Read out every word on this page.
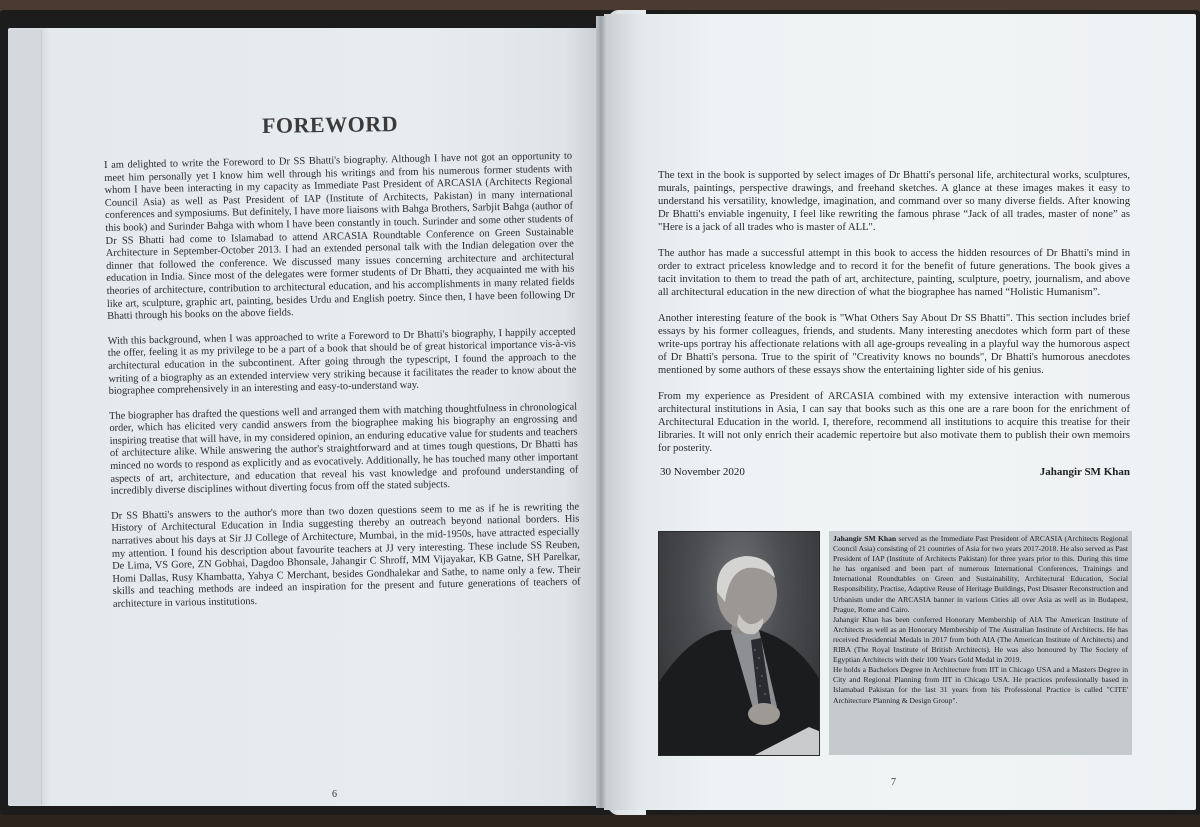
FOREWORD

I am delighted to write the Foreword to Dr SS Bhatti's biography. Although I have not got an opportunity to meet him personally yet I know him well through his writings and from his numerous former students with whom I have been interacting in my capacity as Immediate Past President of ARCASIA (Architects Regional Council Asia) as well as Past President of IAP (Institute of Architects, Pakistan) in many international conferences and symposiums. But definitely, I have more liaisons with Bahga Brothers, Sarbjit Bahga (author of this book) and Surinder Bahga with whom I have been constantly in touch. Surinder and some other students of Dr SS Bhatti had come to Islamabad to attend ARCASIA Roundtable Conference on Green Sustainable Architecture in September-October 2013. I had an extended personal talk with the Indian delegation over the dinner that followed the conference. We discussed many issues concerning architecture and architectural education in India. Since most of the delegates were former students of Dr Bhatti, they acquainted me with his theories of architecture, contribution to architectural education, and his accomplishments in many related fields like art, sculpture, graphic art, painting, besides Urdu and English poetry. Since then, I have been following Dr Bhatti through his books on the above fields.

With this background, when I was approached to write a Foreword to Dr Bhatti's biography, I happily accepted the offer, feeling it as my privilege to be a part of a book that should be of great historical importance vis-à-vis architectural education in the subcontinent. After going through the typescript, I found the approach to the writing of a biography as an extended interview very striking because it facilitates the reader to know about the biographee comprehensively in an interesting and easy-to-understand way.

The biographer has drafted the questions well and arranged them with matching thoughtfulness in chronological order, which has elicited very candid answers from the biographee making his biography an engrossing and inspiring treatise that will have, in my considered opinion, an enduring educative value for students and teachers of architecture alike. While answering the author's straightforward and at times tough questions, Dr Bhatti has minced no words to respond as explicitly and as evocatively. Additionally, he has touched many other important aspects of art, architecture, and education that reveal his vast knowledge and profound understanding of incredibly diverse disciplines without diverting focus from off the stated subjects.

Dr SS Bhatti's answers to the author's more than two dozen questions seem to me as if he is rewriting the History of Architectural Education in India suggesting thereby an outreach beyond national borders. His narratives about his days at Sir JJ College of Architecture, Mumbai, in the mid-1950s, have attracted especially my attention. I found his description about favourite teachers at JJ very interesting. These include SS Reuben, De Lima, VS Gore, ZN Gobhai, Dagdoo Bhonsale, Jahangir C Shroff, MM Vijayakar, KB Gatne, SH Parelkar, Homi Dallas, Rusy Khambatta, Yahya C Merchant, besides Gondhalekar and Sathe, to name only a few. Their skills and teaching methods are indeed an inspiration for the present and future generations of teachers of architecture in various institutions.

6

The text in the book is supported by select images of Dr Bhatti's personal life, architectural works, sculptures, murals, paintings, perspective drawings, and freehand sketches. A glance at these images makes it easy to understand his versatility, knowledge, imagination, and command over so many diverse fields. After knowing Dr Bhatti's enviable ingenuity, I feel like rewriting the famous phrase “Jack of all trades, master of none” as "Here is a jack of all trades who is master of ALL".

The author has made a successful attempt in this book to access the hidden resources of Dr Bhatti's mind in order to extract priceless knowledge and to record it for the benefit of future generations. The book gives a tacit invitation to them to tread the path of art, architecture, painting, sculpture, poetry, journalism, and above all architectural education in the new direction of what the biographee has named “Holistic Humanism”.

Another interesting feature of the book is "What Others Say About Dr SS Bhatti". This section includes brief essays by his former colleagues, friends, and students. Many interesting anecdotes which form part of these write-ups portray his affectionate relations with all age-groups revealing in a playful way the humorous aspect of Dr Bhatti's persona. True to the spirit of "Creativity knows no bounds", Dr Bhatti's humorous anecdotes mentioned by some authors of these essays show the entertaining lighter side of his genius.

From my experience as President of ARCASIA combined with my extensive interaction with numerous architectural institutions in Asia, I can say that books such as this one are a rare boon for the enrichment of Architectural Education in the world. I, therefore, recommend all institutions to acquire this treatise for their libraries. It will not only enrich their academic repertoire but also motivate them to publish their own memoirs for posterity.

30 November 2020	Jahangir SM Khan

Jahangir SM Khan served as the Immediate Past President of ARCASIA (Architects Regional Council Asia) consisting of 21 countries of Asia for two years 2017-2018. He also served as Past President of IAP (Institute of Architects Pakistan) for three years prior to this. During this time he has organised and been part of numerous International Conferences, Trainings and International Roundtables on Green and Sustainability, Architectural Education, Social Responsibility, Practise, Adaptive Reuse of Heritage Buildings, Post Disaster Reconstruction and Urbanism under the ARCASIA banner in various Cities all over Asia as well as in Budapest, Prague, Rome and Cairo.

Jahangir Khan has been conferred Honorary Membership of AIA The American Institute of Architects as well as an Honorary Membership of The Australian Institute of Architects. He has received Presidential Medals in 2017 from both AIA (The American Institute of Architects) and RIBA (The Royal Institute of British Architects). He was also honoured by The Society of Egyptian Architects with their 100 Years Gold Medal in 2019.

He holds a Bachelors Degree in Architecture from IIT in Chicago USA and a Masters Degree in City and Regional Planning from IIT in Chicago USA. He practices professionally based in Islamabad Pakistan for the last 31 years from his Professional Practice is called "CITE' Architecture Planning & Design Group".

7
